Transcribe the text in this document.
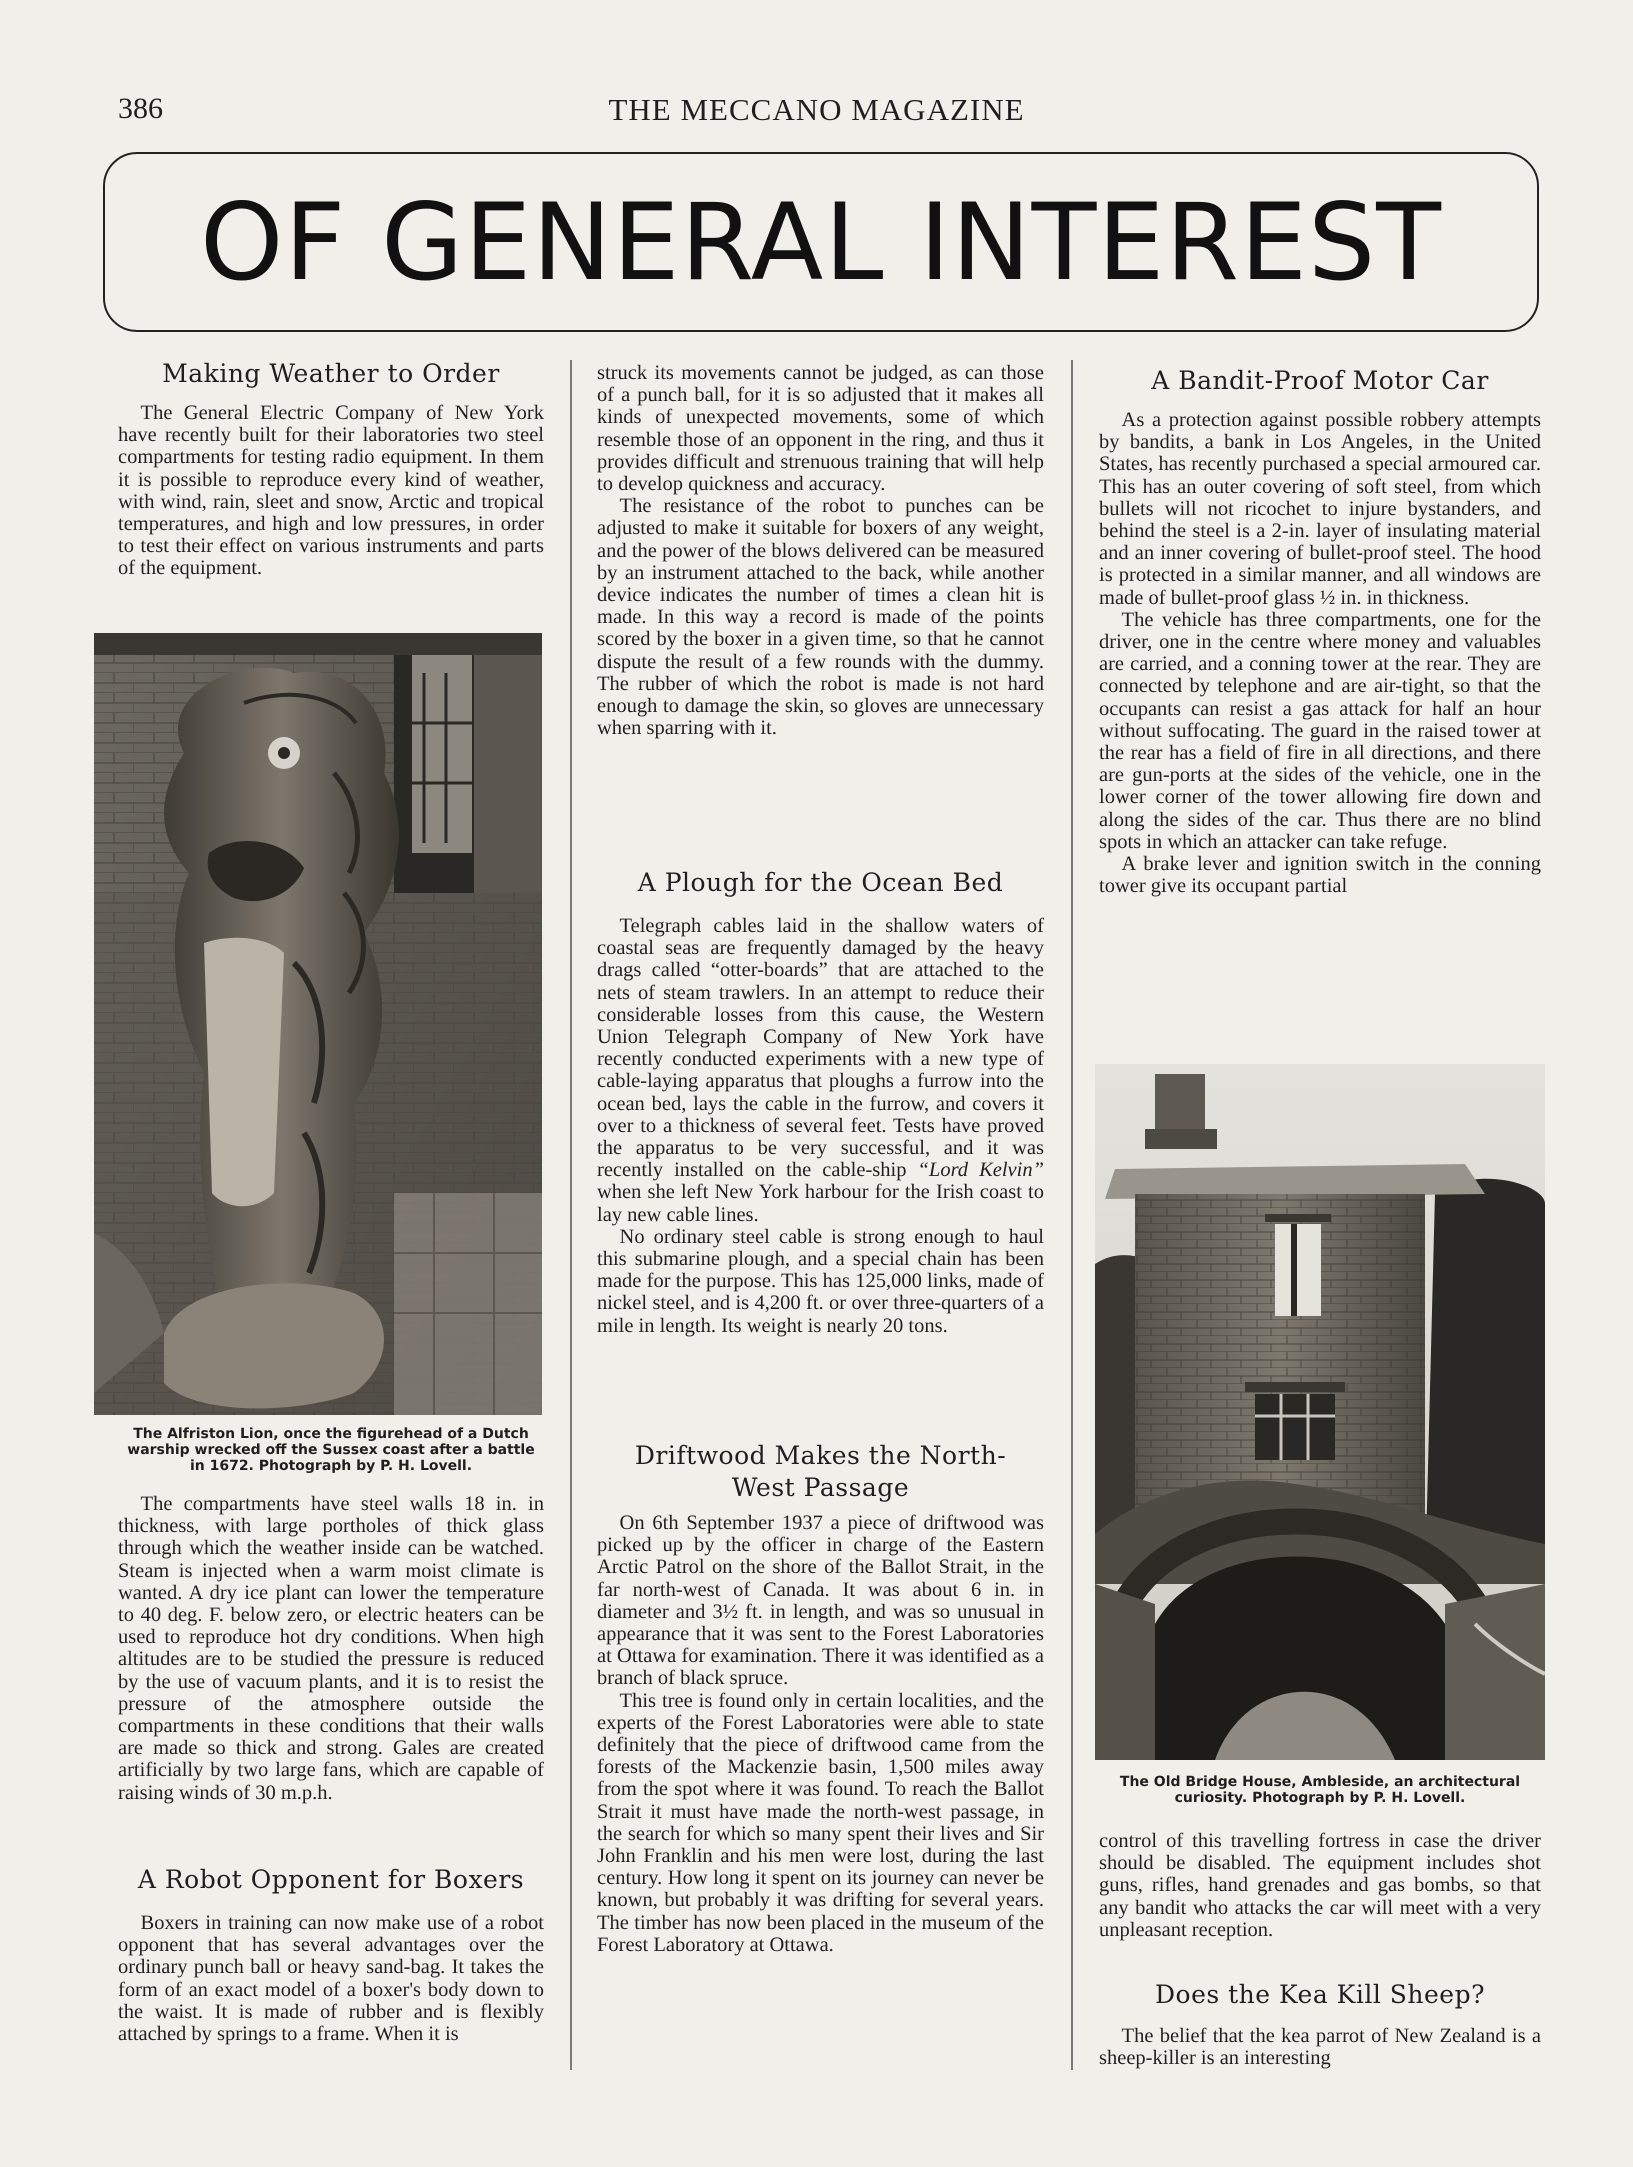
386	THE MECCANO MAGAZINE
OF GENERAL INTEREST
Making Weather to Order

The General Electric Company of New York have recently built for their laboratories two steel compartments for testing radio equipment. In them it is possible to reproduce every kind of weather, with wind, rain, sleet and snow, Arctic and tropical temperatures, and high and low pressures, in order to test their effect on various instruments and parts of the equipment.

The Alfriston Lion, once the figurehead of a Dutch warship wrecked off the Sussex coast after a battle in 1672. Photograph by P. H. Lovell.

The compartments have steel walls 18 in. in thickness, with large portholes of thick glass through which the weather inside can be watched. Steam is injected when a warm moist climate is wanted. A dry ice plant can lower the temperature to 40 deg. F. below zero, or electric heaters can be used to reproduce hot dry conditions. When high altitudes are to be studied the pressure is reduced by the use of vacuum plants, and it is to resist the pressure of the atmosphere outside the compartments in these conditions that their walls are made so thick and strong. Gales are created artificially by two large fans, which are capable of raising winds of 30 m.p.h.

A Robot Opponent for Boxers

Boxers in training can now make use of a robot opponent that has several advantages over the ordinary punch ball or heavy sand-bag. It takes the form of an exact model of a boxer's body down to the waist. It is made of rubber and is flexibly attached by springs to a frame. When it is

struck its movements cannot be judged, as can those of a punch ball, for it is so adjusted that it makes all kinds of unexpected movements, some of which resemble those of an opponent in the ring, and thus it provides difficult and strenuous training that will help to develop quickness and accuracy.

The resistance of the robot to punches can be adjusted to make it suitable for boxers of any weight, and the power of the blows delivered can be measured by an instrument attached to the back, while another device indicates the number of times a clean hit is made. In this way a record is made of the points scored by the boxer in a given time, so that he cannot dispute the result of a few rounds with the dummy. The rubber of which the robot is made is not hard enough to damage the skin, so gloves are unnecessary when sparring with it.

A Plough for the Ocean Bed

Telegraph cables laid in the shallow waters of coastal seas are frequently damaged by the heavy drags called “otter-boards” that are attached to the nets of steam trawlers. In an attempt to reduce their considerable losses from this cause, the Western Union Telegraph Company of New York have recently conducted experiments with a new type of cable-laying apparatus that ploughs a furrow into the ocean bed, lays the cable in the furrow, and covers it over to a thickness of several feet. Tests have proved the apparatus to be very successful, and it was recently installed on the cable-ship “Lord Kelvin” when she left New York harbour for the Irish coast to lay new cable lines.

No ordinary steel cable is strong enough to haul this submarine plough, and a special chain has been made for the purpose. This has 125,000 links, made of nickel steel, and is 4,200 ft. or over three-quarters of a mile in length. Its weight is nearly 20 tons.

Driftwood Makes the North-West Passage

On 6th September 1937 a piece of driftwood was picked up by the officer in charge of the Eastern Arctic Patrol on the shore of the Ballot Strait, in the far north-west of Canada. It was about 6 in. in diameter and 3½ ft. in length, and was so unusual in appearance that it was sent to the Forest Laboratories at Ottawa for examination. There it was identified as a branch of black spruce.

This tree is found only in certain localities, and the experts of the Forest Laboratories were able to state definitely that the piece of driftwood came from the forests of the Mackenzie basin, 1,500 miles away from the spot where it was found. To reach the Ballot Strait it must have made the north-west passage, in the search for which so many spent their lives and Sir John Franklin and his men were lost, during the last century. How long it spent on its journey can never be known, but probably it was drifting for several years. The timber has now been placed in the museum of the Forest Laboratory at Ottawa.

A Bandit-Proof Motor Car

As a protection against possible robbery attempts by bandits, a bank in Los Angeles, in the United States, has recently purchased a special armoured car. This has an outer covering of soft steel, from which bullets will not ricochet to injure bystanders, and behind the steel is a 2-in. layer of insulating material and an inner covering of bullet-proof steel. The hood is protected in a similar manner, and all windows are made of bullet-proof glass ½ in. in thickness.

The vehicle has three compartments, one for the driver, one in the centre where money and valuables are carried, and a conning tower at the rear. They are connected by telephone and are air-tight, so that the occupants can resist a gas attack for half an hour without suffocating. The guard in the raised tower at the rear has a field of fire in all directions, and there are gun-ports at the sides of the vehicle, one in the lower corner of the tower allowing fire down and along the sides of the car. Thus there are no blind spots in which an attacker can take refuge.

A brake lever and ignition switch in the conning tower give its occupant partial

The Old Bridge House, Ambleside, an architectural curiosity. Photograph by P. H. Lovell.

control of this travelling fortress in case the driver should be disabled. The equipment includes shot guns, rifles, hand grenades and gas bombs, so that any bandit who attacks the car will meet with a very unpleasant reception.

Does the Kea Kill Sheep?

The belief that the kea parrot of New Zealand is a sheep-killer is an interesting
